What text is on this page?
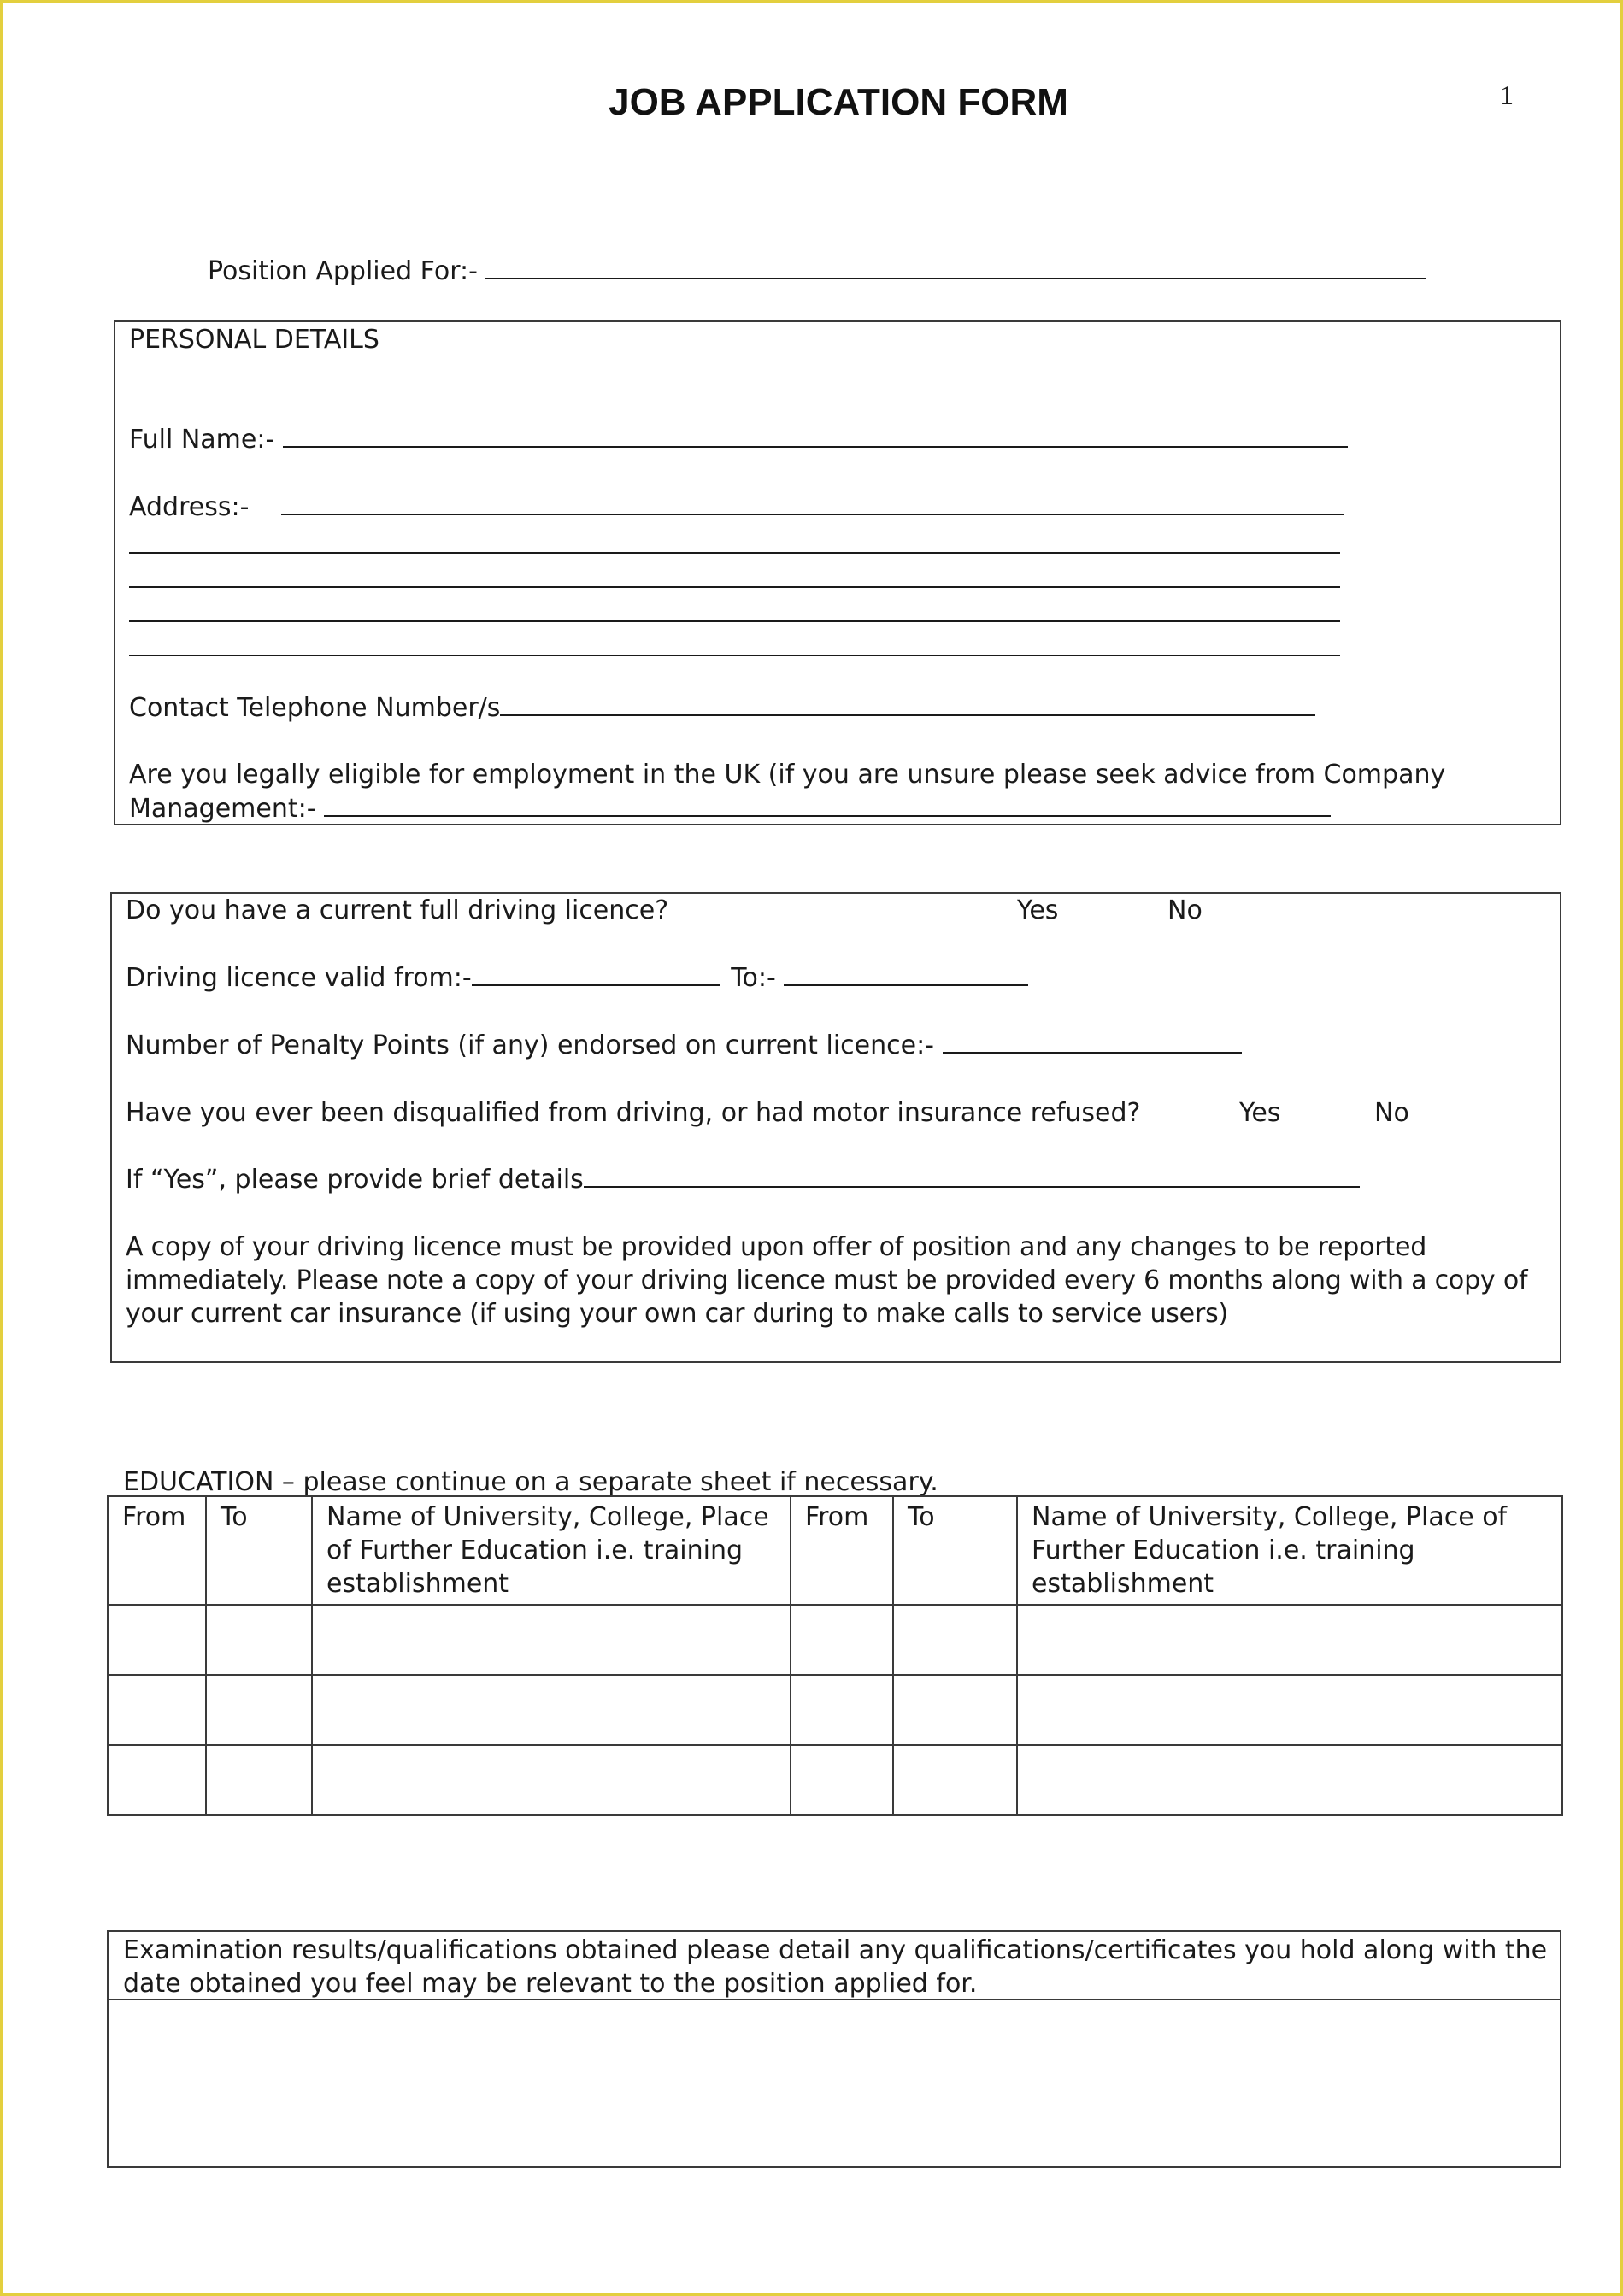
JOB APPLICATION FORM	1
Position Applied For:-
PERSONAL DETAILS
Full Name:-
Address:-
Contact Telephone Number/s
Are you legally eligible for employment in the UK (if you are unsure please seek advice from Company
Management:-
Do you have a current full driving licence?	Yes	No
Driving licence valid from:-	To:-
Number of Penalty Points (if any) endorsed on current licence:-
Have you ever been disqualified from driving, or had motor insurance refused?	Yes	No
If “Yes”, please provide brief details
A copy of your driving licence must be provided upon offer of position and any changes to be reported immediately. Please note a copy of your driving licence must be provided every 6 months along with a copy of your current car insurance (if using your own car during to make calls to service users)
EDUCATION – please continue on a separate sheet if necessary.
From	To	Name of University, College, Place of Further Education i.e. training establishment	From	To	Name of University, College, Place of Further Education i.e. training establishment

Examination results/qualifications obtained please detail any qualifications/certificates you hold along with the date obtained you feel may be relevant to the position applied for.
